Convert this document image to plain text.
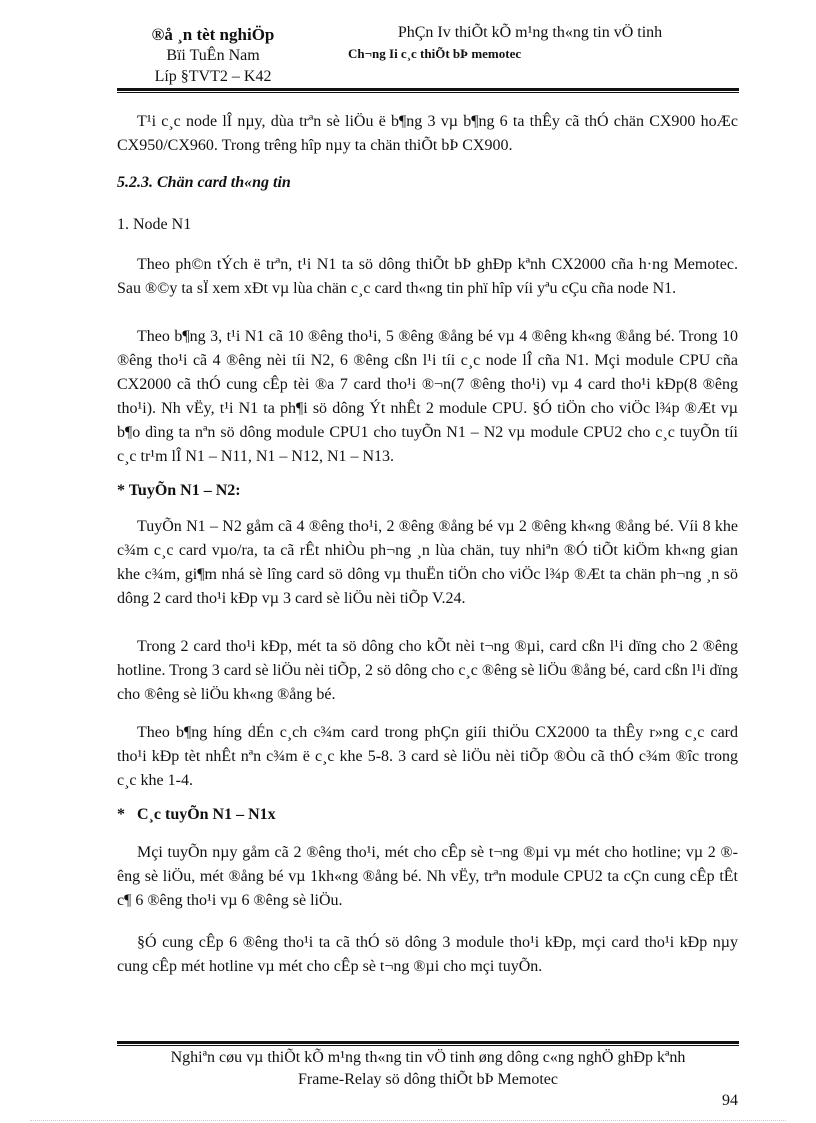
®å ¸n tèt nghiÖp
Bïi TuÊn Nam
Líp §TVT2 – K42
PhÇn Iv thiÕt kÕ m¹ng th«ng tin vÖ tinh
Ch¬ng Ii c¸c thiÕt bÞ memotec
T¹i c¸c node lÎ nµy, dùa trªn sè liÖu ë b¶ng 3 vµ b¶ng 6 ta thÊy cã thÓ chän CX900 hoÆc CX950/CX960. Trong trêng hîp nµy ta chän thiÕt bÞ CX900.
5.2.3. Chän card th«ng tin
1. Node N1
Theo ph©n tÝch ë trªn, t¹i N1 ta sö dông thiÕt bÞ ghÐp kªnh CX2000 cña h·ng Memotec. Sau ®©y ta sÏ xem xÐt vµ lùa chän c¸c card th«ng tin phï hîp víi yªu cÇu cña node N1.
Theo b¶ng 3, t¹i N1 cã 10 ®êng tho¹i, 5 ®êng ®ång bé vµ 4 ®êng kh«ng ®ång bé. Trong 10 ®êng tho¹i cã 4 ®êng nèi tíi N2, 6 ®êng cßn l¹i tíi c¸c node lÎ cña N1. Mçi module CPU cña CX2000 cã thÓ cung cÊp tèi ®a 7 card tho¹i ®¬n(7 ®êng tho¹i) vµ 4 card tho¹i kÐp(8 ®êng tho¹i). Nh vËy, t¹i N1 ta ph¶i sö dông Ýt nhÊt 2 module CPU. §Ó tiÖn cho viÖc l¾p ®Æt vµ b¶o dìng ta nªn sö dông module CPU1 cho tuyÕn N1 – N2 vµ module CPU2 cho c¸c tuyÕn tíi c¸c tr¹m lÎ N1 – N11, N1 – N12, N1 – N13.
* TuyÕn N1 – N2:
TuyÕn N1 – N2 gåm cã 4 ®êng tho¹i, 2 ®êng ®ång bé vµ 2 ®êng kh«ng ®ång bé. Víi 8 khe c¾m c¸c card vµo/ra, ta cã rÊt nhiÒu ph¬ng ¸n lùa chän, tuy nhiªn ®Ó tiÕt kiÖm kh«ng gian khe c¾m, gi¶m nhá sè lîng card sö dông vµ thuËn tiÖn cho viÖc l¾p ®Æt ta chän ph¬ng ¸n sö dông 2 card tho¹i kÐp vµ 3 card sè liÖu nèi tiÕp V.24.
Trong 2 card tho¹i kÐp, mét ta sö dông cho kÕt nèi t¬ng ®µi, card cßn l¹i dïng cho 2 ®êng hotline. Trong 3 card sè liÖu nèi tiÕp, 2 sö dông cho c¸c ®êng sè liÖu ®ång bé, card cßn l¹i dïng cho ®êng sè liÖu kh«ng ®ång bé.
Theo b¶ng híng dÉn c¸ch c¾m card trong phÇn giíi thiÖu CX2000 ta thÊy r»ng c¸c card tho¹i kÐp tèt nhÊt nªn c¾m ë c¸c khe 5-8. 3 card sè liÖu nèi tiÕp ®Òu cã thÓ c¾m ®îc trong c¸c khe 1-4.
*   C¸c tuyÕn N1 – N1x
Mçi tuyÕn nµy gåm cã 2 ®êng tho¹i, mét cho cÊp sè t¬ng ®µi vµ mét cho hotline; vµ 2 ®êng sè liÖu, mét ®ång bé vµ 1kh«ng ®ång bé. Nh vËy, trªn module CPU2 ta cÇn cung cÊp tÊt c¶ 6 ®êng tho¹i vµ 6 ®êng sè liÖu.
§Ó cung cÊp 6 ®êng tho¹i ta cã thÓ sö dông 3 module tho¹i kÐp, mçi card tho¹i kÐp nµy cung cÊp mét hotline vµ mét cho cÊp sè t¬ng ®µi cho mçi tuyÕn.
Nghiªn cøu vµ thiÕt kÕ m¹ng th«ng tin vÖ tinh øng dông c«ng nghÖ ghÐp kªnh
Frame-Relay sö dông thiÕt bÞ Memotec
94
